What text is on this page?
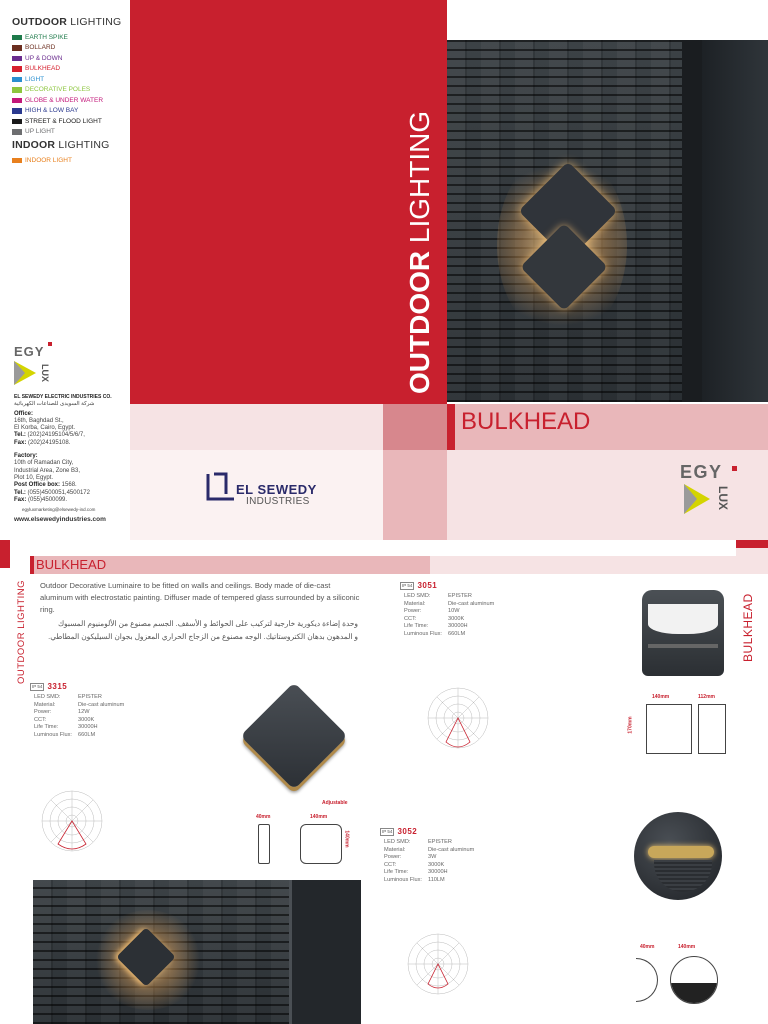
OUTDOOR LIGHTING
EARTH SPIKE
BOLLARD
UP & DOWN
BULKHEAD
LIGHT
DECORATIVE POLES
GLOBE & UNDER WATER
HIGH & LOW BAY
STREET & FLOOD LIGHT
UP LIGHT
INDOOR LIGHTING
INDOOR LIGHT
EGY
LUX
EL SEWEDY ELECTRIC INDUSTRIES CO.
شركة السويدى للصناعات الكهربائية
Office:
16th, Baghdad St.,
El Korba, Cairo, Egypt.
Tel.: (202)24195104/5/6/7,
Fax: (202)24195108.
Factory:
10th of Ramadan City,
Industrial Area, Zone B3,
Plot 10, Egypt.
Post Office box: 1568.
Tel.: (055)4500051,4500172
Fax: (055)4500099.
egyluxmarketing@elsewedy-ind.com
www.elsewedyindustries.com
OUTDOOR LIGHTING
BULKHEAD
EL SEWEDY
INDUSTRIES
EGY
LUX
BULKHEAD
OUTDOOR LIGHTING	BULKHEAD
Outdoor Decorative Luminaire to be fitted on walls and ceilings. Body made of die-cast aluminum with electrostatic painting. Diffuser made of tempered glass surrounded by a siliconic ring.
وحدة إضاءة ديكورية خارجية لتركيب على الحوائط و الأسقف. الجسم مصنوع من الألومنيوم المسبوك
و المدهون بدهان الكتروستاتيك. الوجه مصنوع من الزجاج الحراري المعزول بجوان السيليكون المطاطي.
IP 54 3051
LED SMD:	EPISTER
Material:	Die-cast aluminum
Power:	10W
CCT:	3000K
Life Time:	30000H
Luminous Flux:	660LM
IP 54 3315
LED SMD:	EPISTER
Material:	Die-cast aluminum
Power:	12W
CCT:	3000K
Life Time:	30000H
Luminous Flux:	660LM
IP 54 3052
LED SMD:	EPISTER
Material:	Die-cast aluminum
Power:	3W
CCT:	3000K
Life Time:	30000H
Luminous Flux:	110LM
140mm	112mm
170mm
40mm	140mm
Adjustable
140mm
40mm	140mm
